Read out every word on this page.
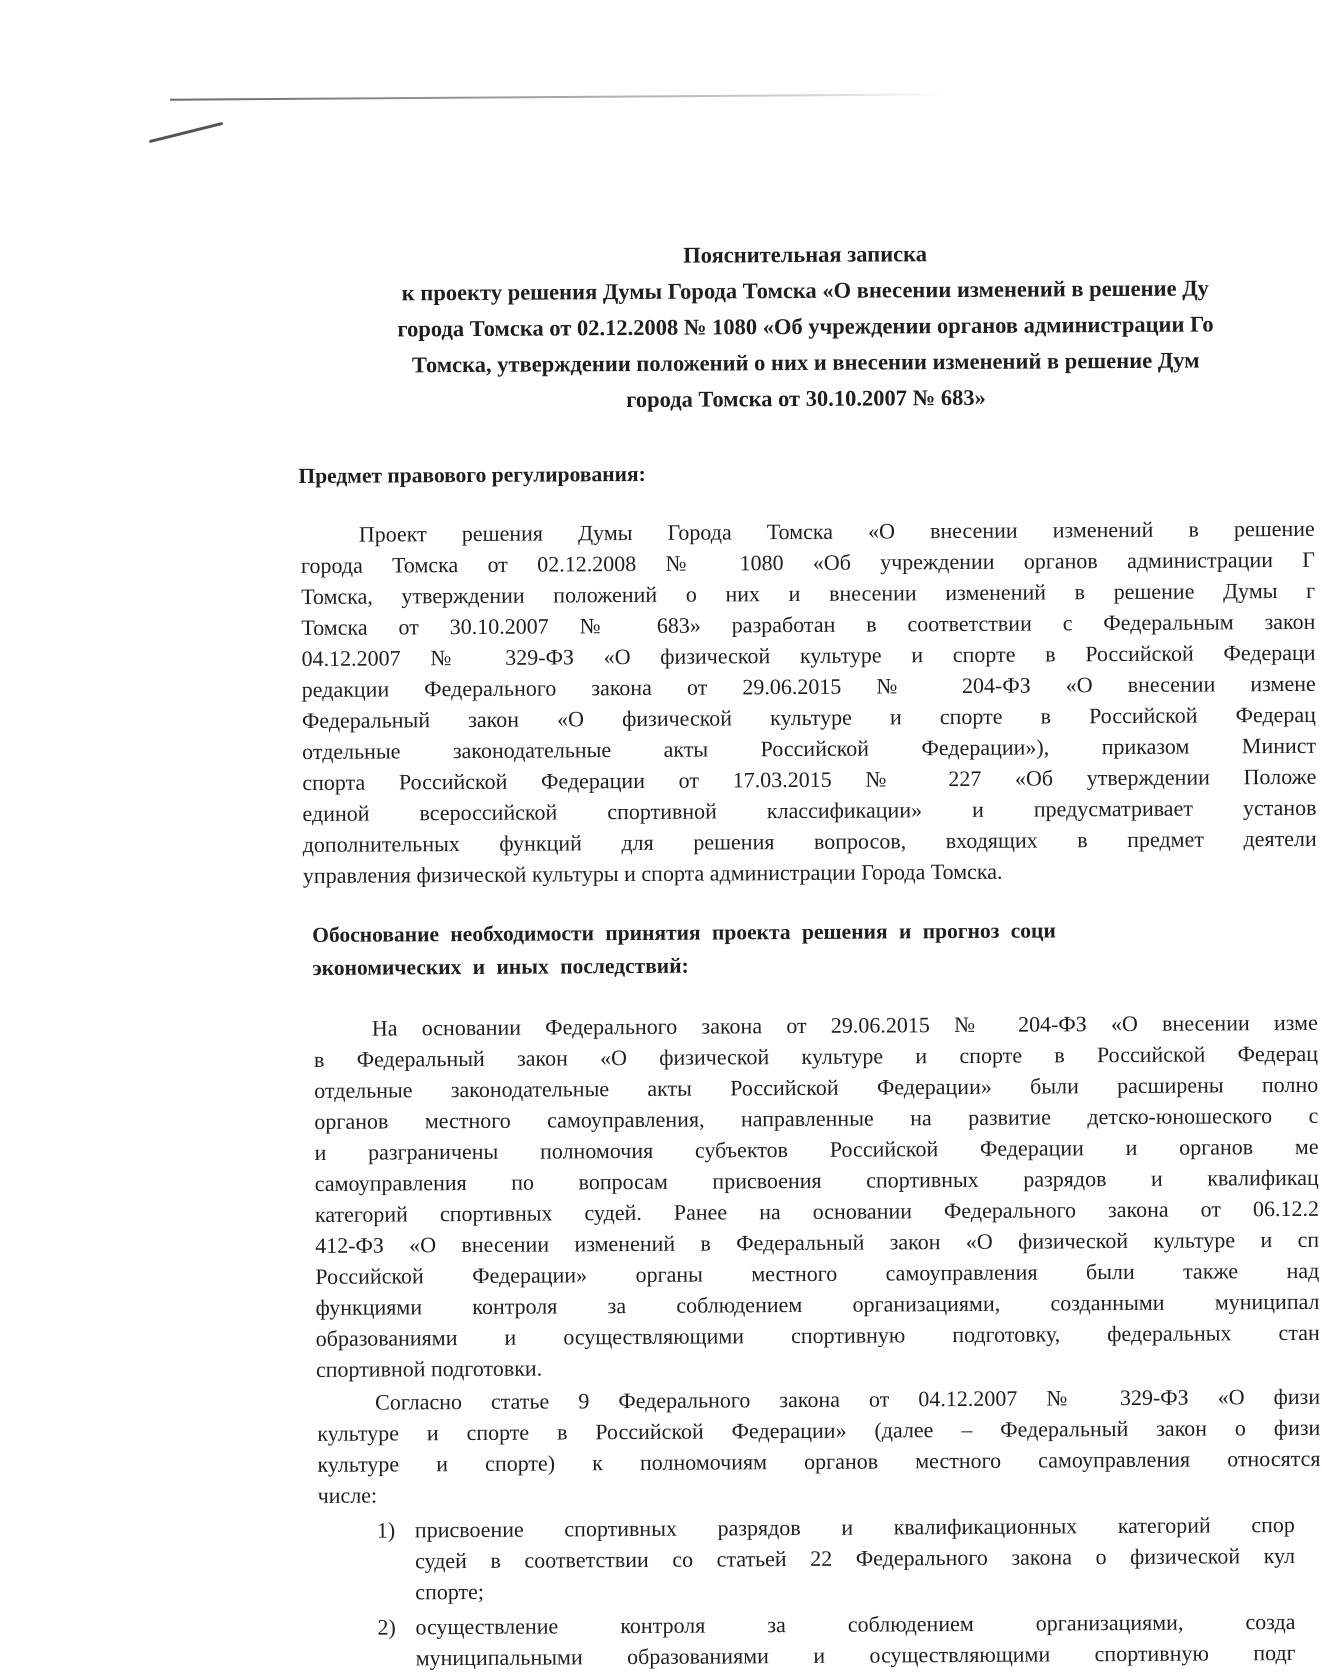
Пояснительная записка
к проекту решения Думы Города Томска «О внесении изменений в решение Ду
города Томска от 02.12.2008 № 1080 «Об учреждении органов администрации Го
Томска, утверждении положений о них и внесении изменений в решение Дум
города Томска от 30.10.2007 № 683»
Предмет правового регулирования:
Проект решения Думы Города Томска «О внесении изменений в решение
города Томска от 02.12.2008 № 1080 «Об учреждении органов администрации Г
Томска, утверждении положений о них и внесении изменений в решение Думы г
Томска от 30.10.2007 № 683» разработан в соответствии с Федеральным закон
04.12.2007 № 329-ФЗ «О физической культуре и спорте в Российской Федераци
редакции Федерального закона от 29.06.2015 № 204-ФЗ «О внесении измене
Федеральный закон «О физической культуре и спорте в Российской Федерац
отдельные законодательные акты Российской Федерации»), приказом Минист
спорта Российской Федерации от 17.03.2015 № 227 «Об утверждении Положе
единой всероссийской спортивной классификации» и предусматривает установ
дополнительных функций для решения вопросов, входящих в предмет деятели
управления физической культуры и спорта администрации Города Томска.
Обоснование необходимости принятия проекта решения и прогноз соци
экономических и иных последствий:
На основании Федерального закона от 29.06.2015 № 204-ФЗ «О внесении изме
в Федеральный закон «О физической культуре и спорте в Российской Федерац
отдельные законодательные акты Российской Федерации» были расширены полно
органов местного самоуправления, направленные на развитие детско-юношеского с
и разграничены полномочия субъектов Российской Федерации и органов ме
самоуправления по вопросам присвоения спортивных разрядов и квалификац
категорий спортивных судей. Ранее на основании Федерального закона от 06.12.2
412-ФЗ «О внесении изменений в Федеральный закон «О физической культуре и сп
Российской Федерации» органы местного самоуправления были также над
функциями контроля за соблюдением организациями, созданными муниципал
образованиями и осуществляющими спортивную подготовку, федеральных стан
спортивной подготовки.
Согласно статье 9 Федерального закона от 04.12.2007 № 329-ФЗ «О физи
культуре и спорте в Российской Федерации» (далее – Федеральный закон о физи
культуре и спорте) к полномочиям органов местного самоуправления относятся
числе:
1) присвоение спортивных разрядов и квалификационных категорий спор
судей в соответствии со статьей 22 Федерального закона о физической кул
спорте;
2) осуществление контроля за соблюдением организациями, созда
муниципальными образованиями и осуществляющими спортивную подг
